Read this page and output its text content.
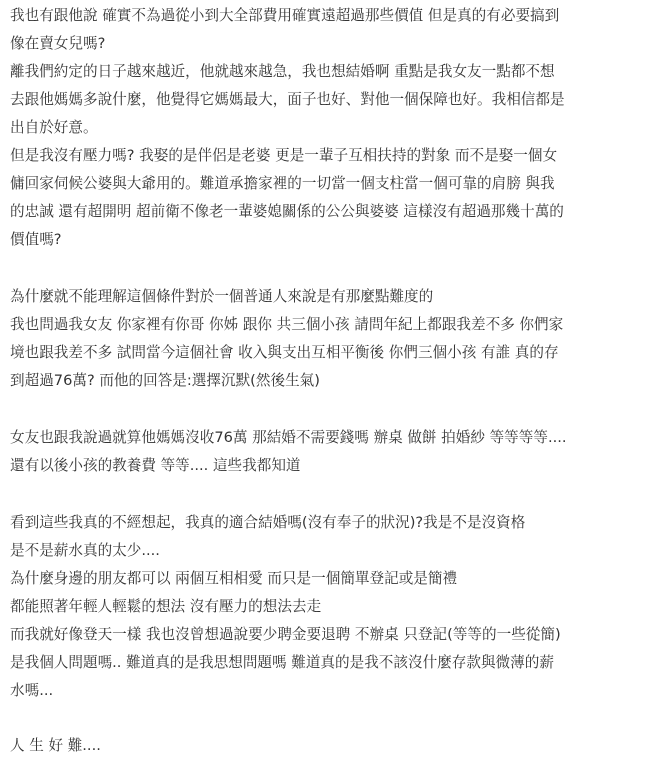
我也有跟他說 確實不為過從小到大全部費用確實遠超過那些價值 但是真的有必要搞到
像在賣女兒嗎?
離我們約定的日子越來越近，他就越來越急，我也想結婚啊 重點是我女友一點都不想
去跟他媽媽多說什麼，他覺得它媽媽最大，面子也好、對他一個保障也好。我相信都是
出自於好意。
但是我沒有壓力嗎? 我娶的是伴侶是老婆 更是一輩子互相扶持的對象 而不是娶一個女
傭回家伺候公婆與大爺用的。難道承擔家裡的一切當一個支柱當一個可靠的肩膀 與我
的忠誠 還有超開明 超前衛不像老一輩婆媳關係的公公與婆婆 這樣沒有超過那幾十萬的
價值嗎?
為什麼就不能理解這個條件對於一個普通人來說是有那麼點難度的
我也問過我女友 你家裡有你哥 你姊 跟你 共三個小孩 請問年紀上都跟我差不多 你們家
境也跟我差不多 試問當今這個社會 收入與支出互相平衡後 你們三個小孩 有誰 真的存
到超過76萬? 而他的回答是:選擇沉默(然後生氣)
女友也跟我說過就算他媽媽沒收76萬 那結婚不需要錢嗎 辦桌 做餅 拍婚紗 等等等等....
還有以後小孩的教養費 等等.... 這些我都知道
看到這些我真的不經想起，我真的適合結婚嗎(沒有奉子的狀況)?我是不是沒資格
是不是薪水真的太少....
為什麼身邊的朋友都可以 兩個互相相愛 而只是一個簡單登記或是簡禮
都能照著年輕人輕鬆的想法 沒有壓力的想法去走
而我就好像登天一樣 我也沒曾想過說要少聘金要退聘 不辦桌 只登記(等等的一些從簡)
是我個人問題嗎.. 難道真的是我思想問題嗎 難道真的是我不該沒什麼存款與微薄的薪
水嗎...
人 生 好 難....
